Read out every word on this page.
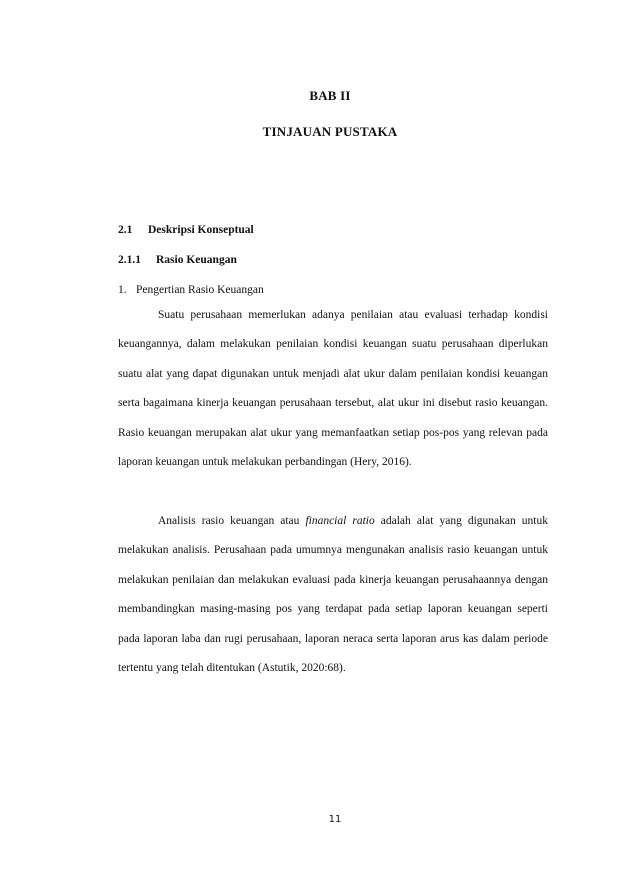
BAB II
TINJAUAN PUSTAKA
2.1 Deskripsi Konseptual
2.1.1 Rasio Keuangan
1. Pengertian Rasio Keuangan

Suatu perusahaan memerlukan adanya penilaian atau evaluasi terhadap kondisi keuangannya, dalam melakukan penilaian kondisi keuangan suatu perusahaan diperlukan suatu alat yang dapat digunakan untuk menjadi alat ukur dalam penilaian kondisi keuangan serta bagaimana kinerja keuangan perusahaan tersebut, alat ukur ini disebut rasio keuangan. Rasio keuangan merupakan alat ukur yang memanfaatkan setiap pos-pos yang relevan pada laporan keuangan untuk melakukan perbandingan (Hery, 2016).

Analisis rasio keuangan atau financial ratio adalah alat yang digunakan untuk melakukan analisis. Perusahaan pada umumnya mengunakan analisis rasio keuangan untuk melakukan penilaian dan melakukan evaluasi pada kinerja keuangan perusahaannya dengan membandingkan masing-masing pos yang terdapat pada setiap laporan keuangan seperti pada laporan laba dan rugi perusahaan, laporan neraca serta laporan arus kas dalam periode tertentu yang telah ditentukan (Astutik, 2020:68).

11
